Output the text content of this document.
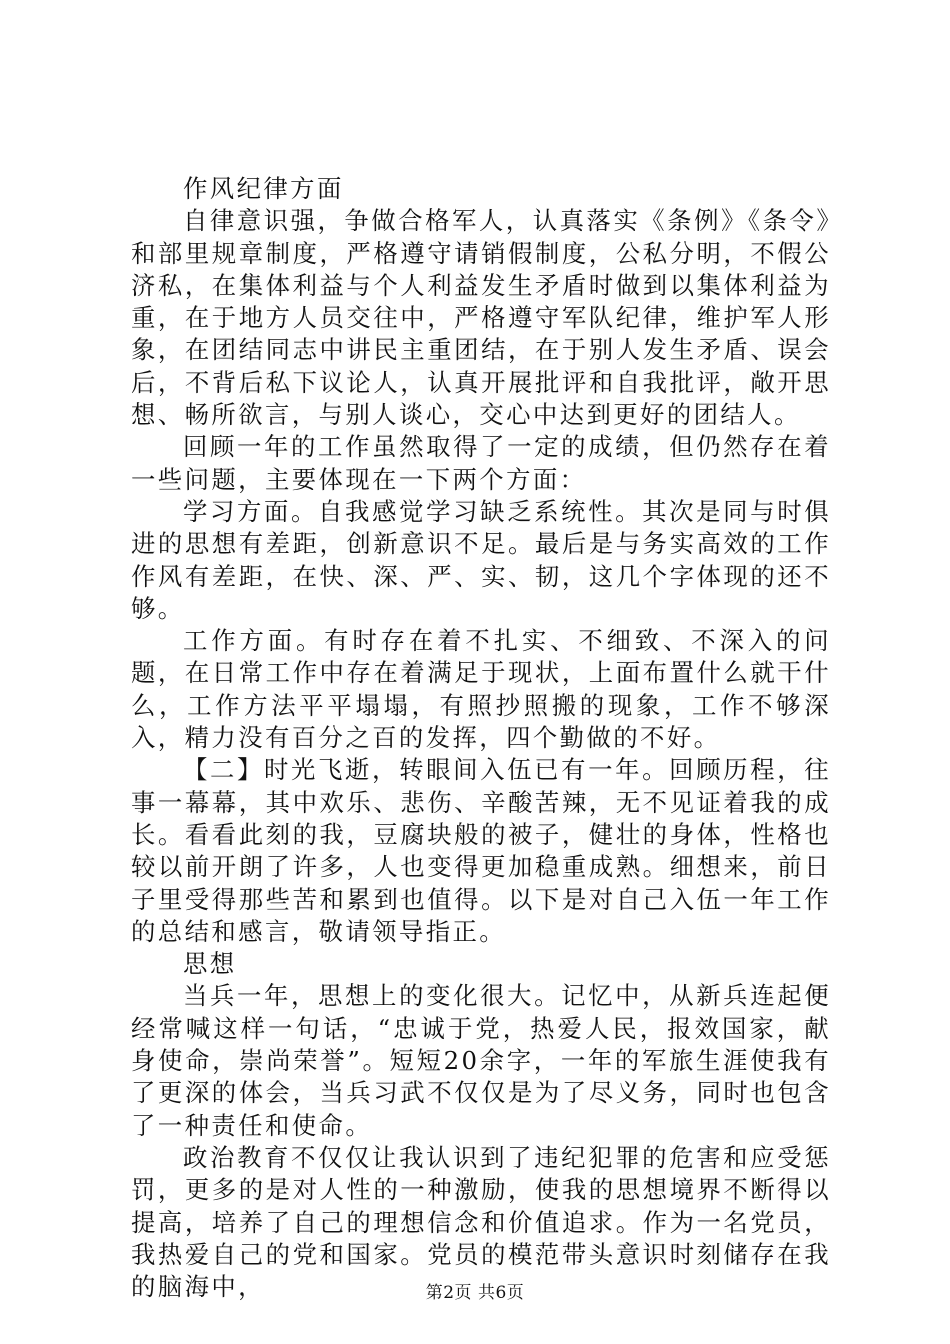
作风纪律方面

自律意识强，争做合格军人，认真落实《条例》《条令》和部里规章制度，严格遵守请销假制度，公私分明，不假公济私，在集体利益与个人利益发生矛盾时做到以集体利益为重，在于地方人员交往中，严格遵守军队纪律，维护军人形象，在团结同志中讲民主重团结，在于别人发生矛盾、误会后，不背后私下议论人，认真开展批评和自我批评，敞开思想、畅所欲言，与别人谈心，交心中达到更好的团结人。

回顾一年的工作虽然取得了一定的成绩，但仍然存在着一些问题，主要体现在一下两个方面：

学习方面。自我感觉学习缺乏系统性。其次是同与时俱进的思想有差距，创新意识不足。最后是与务实高效的工作作风有差距，在快、深、严、实、韧，这几个字体现的还不够。

工作方面。有时存在着不扎实、不细致、不深入的问题，在日常工作中存在着满足于现状，上面布置什么就干什么，工作方法平平塌塌，有照抄照搬的现象，工作不够深入，精力没有百分之百的发挥，四个勤做的不好。

【二】时光飞逝，转眼间入伍已有一年。回顾历程，往事一幕幕，其中欢乐、悲伤、辛酸苦辣，无不见证着我的成长。看看此刻的我，豆腐块般的被子，健壮的身体，性格也较以前开朗了许多，人也变得更加稳重成熟。细想来，前日子里受得那些苦和累到也值得。以下是对自己入伍一年工作的总结和感言，敬请领导指正。

思想

当兵一年，思想上的变化很大。记忆中，从新兵连起便经常喊这样一句话，“忠诚于党，热爱人民，报效国家，献身使命，崇尚荣誉”。短短20余字，一年的军旅生涯使我有了更深的体会，当兵习武不仅仅是为了尽义务，同时也包含了一种责任和使命。

政治教育不仅仅让我认识到了违纪犯罪的危害和应受惩罚，更多的是对人性的一种激励，使我的思想境界不断得以提高，培养了自己的理想信念和价值追求。作为一名党员，我热爱自己的党和国家。党员的模范带头意识时刻储存在我的脑海中，	第2页 共6页
